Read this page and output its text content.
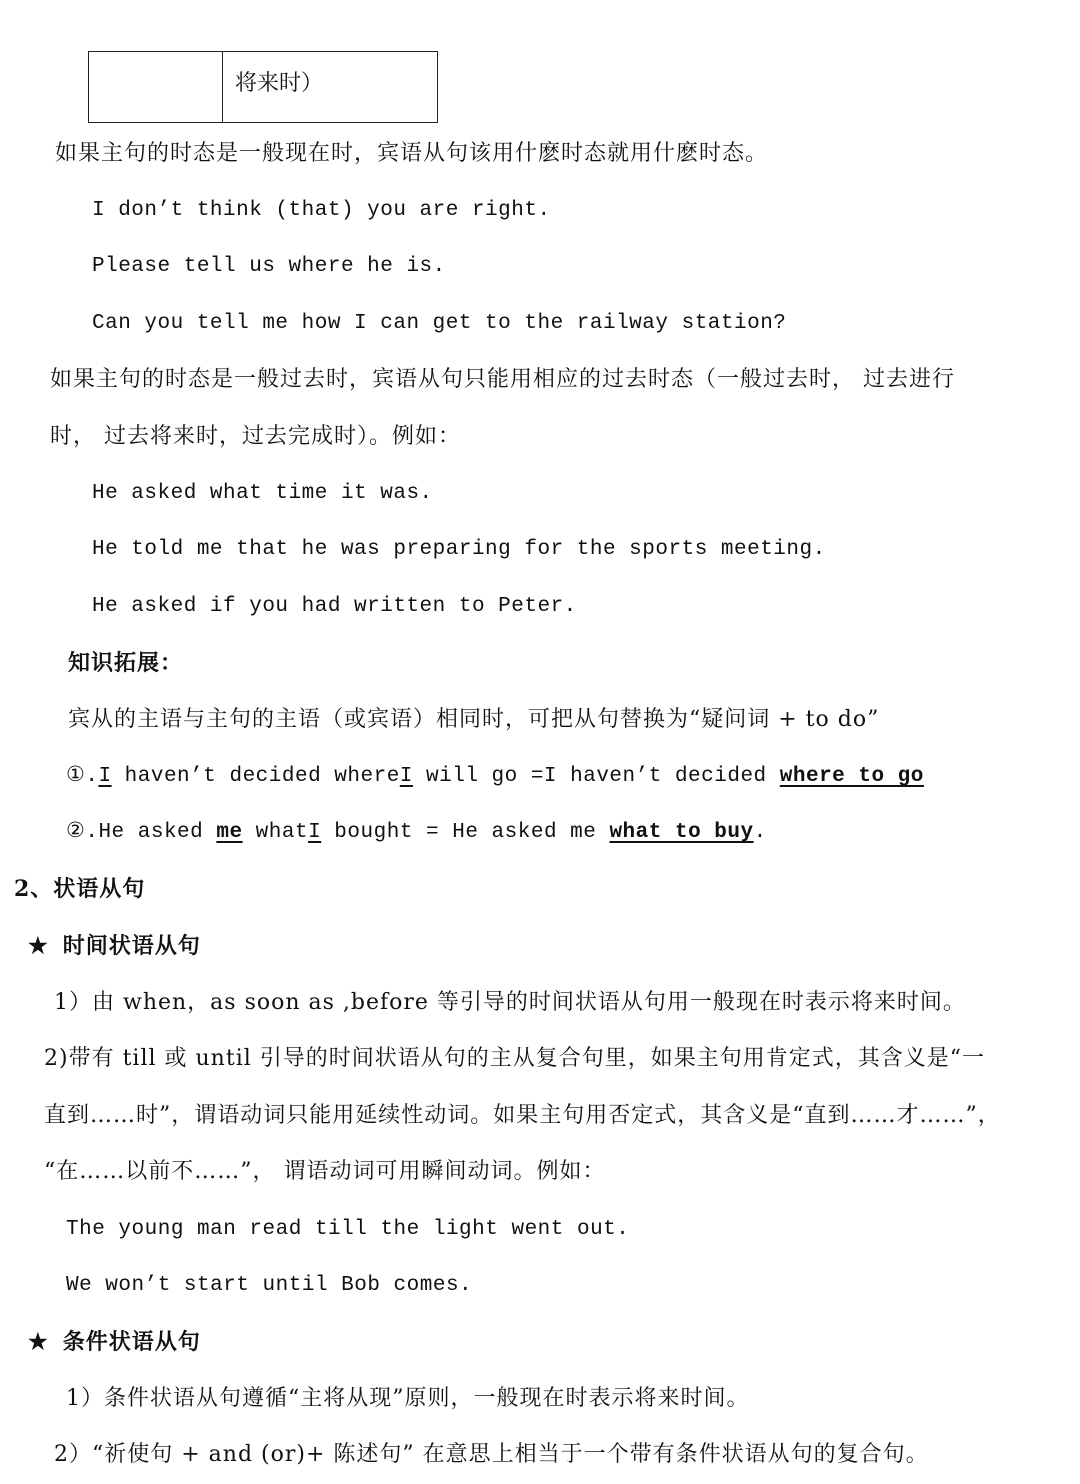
将来时）
如果主句的时态是一般现在时，宾语从句该用什麽时态就用什麽时态。
I don’t think (that) you are right.
Please tell us where he is.
Can you tell me how I can get to the railway station?
如果主句的时态是一般过去时，宾语从句只能用相应的过去时态（一般过去时， 过去进行
时， 过去将来时，过去完成时）。例如：
He asked what time it was.
He told me that he was preparing for the sports meeting.
He asked if you had written to Peter.
知识拓展：
宾从的主语与主句的主语（或宾语）相同时，可把从句替换为“疑问词 + to do”
①.I haven’t decided whereI will go =I haven’t decided where to go
②.He asked me whatI bought = He asked me what to buy.
2、状语从句
★ 时间状语从句
1）由 when，as soon as ,before 等引导的时间状语从句用一般现在时表示将来时间。
2)带有 till 或 until 引导的时间状语从句的主从复合句里，如果主句用肯定式，其含义是“一
直到……时”，谓语动词只能用延续性动词。如果主句用否定式，其含义是“直到……才……”，
“在……以前不……”， 谓语动词可用瞬间动词。例如：
The young man read till the light went out.
We won’t start until Bob comes.
★ 条件状语从句
1）条件状语从句遵循“主将从现”原则，一般现在时表示将来时间。
2）“祈使句 + and (or)+ 陈述句” 在意思上相当于一个带有条件状语从句的复合句。
